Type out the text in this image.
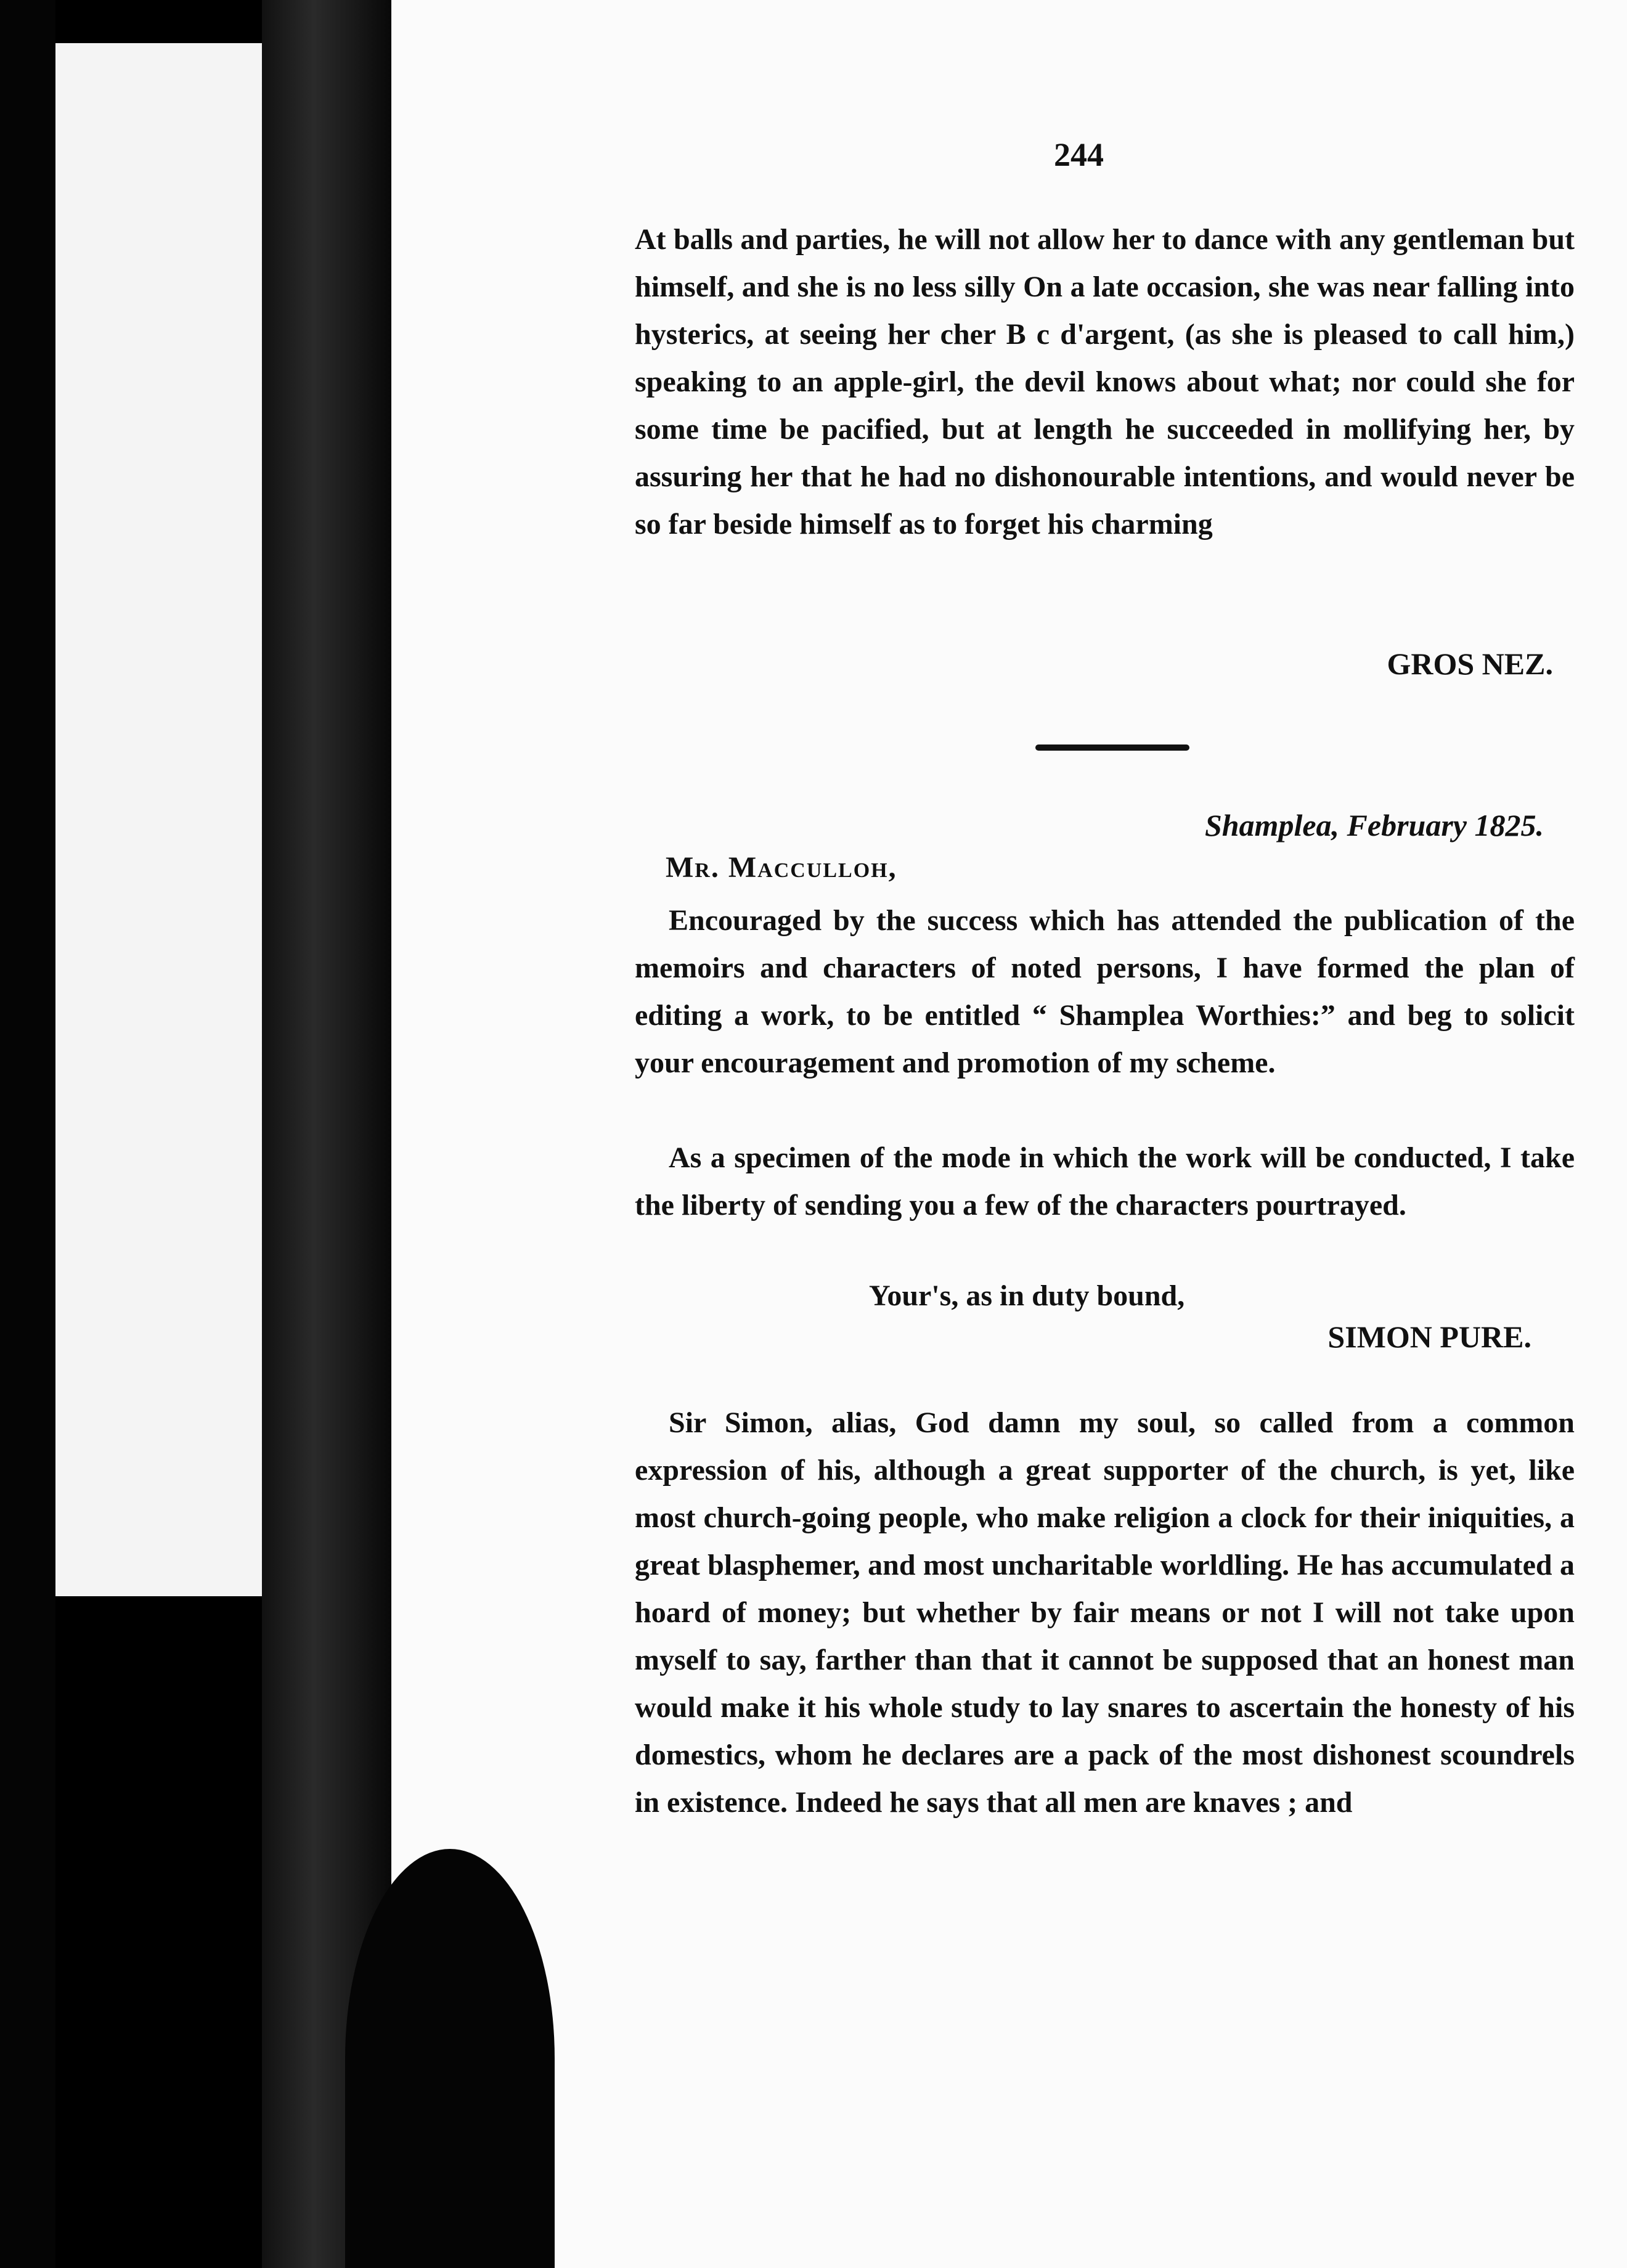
244
At balls and parties, he will not allow her to dance with any gentleman but himself, and she is no less silly On a late occasion, she was near falling into hysterics, at seeing her cher B c d'argent, (as she is pleased to call him,) speaking to an apple-girl, the devil knows about what; nor could she for some time be pacified, but at length he succeeded in mollifying her, by assuring her that he had no dishonourable intentions, and would never be so far beside himself as to forget his charming
GROS NEZ.
Shamplea, February 1825.
Mr. Macculloh,
Encouraged by the success which has attended the publication of the memoirs and characters of noted persons, I have formed the plan of editing a work, to be entitled “ Shamplea Worthies:” and beg to solicit your encouragement and promotion of my scheme.
As a specimen of the mode in which the work will be conducted, I take the liberty of sending you a few of the characters pourtrayed.
Your's, as in duty bound,
SIMON PURE.
Sir Simon, alias, God damn my soul, so called from a common expression of his, although a great supporter of the church, is yet, like most church-going people, who make religion a clock for their iniquities, a great blasphemer, and most uncharitable worldling. He has accumulated a hoard of money; but whether by fair means or not I will not take upon myself to say, farther than that it cannot be supposed that an honest man would make it his whole study to lay snares to ascertain the honesty of his domestics, whom he declares are a pack of the most dishonest scoundrels in existence. Indeed he says that all men are knaves ; and
